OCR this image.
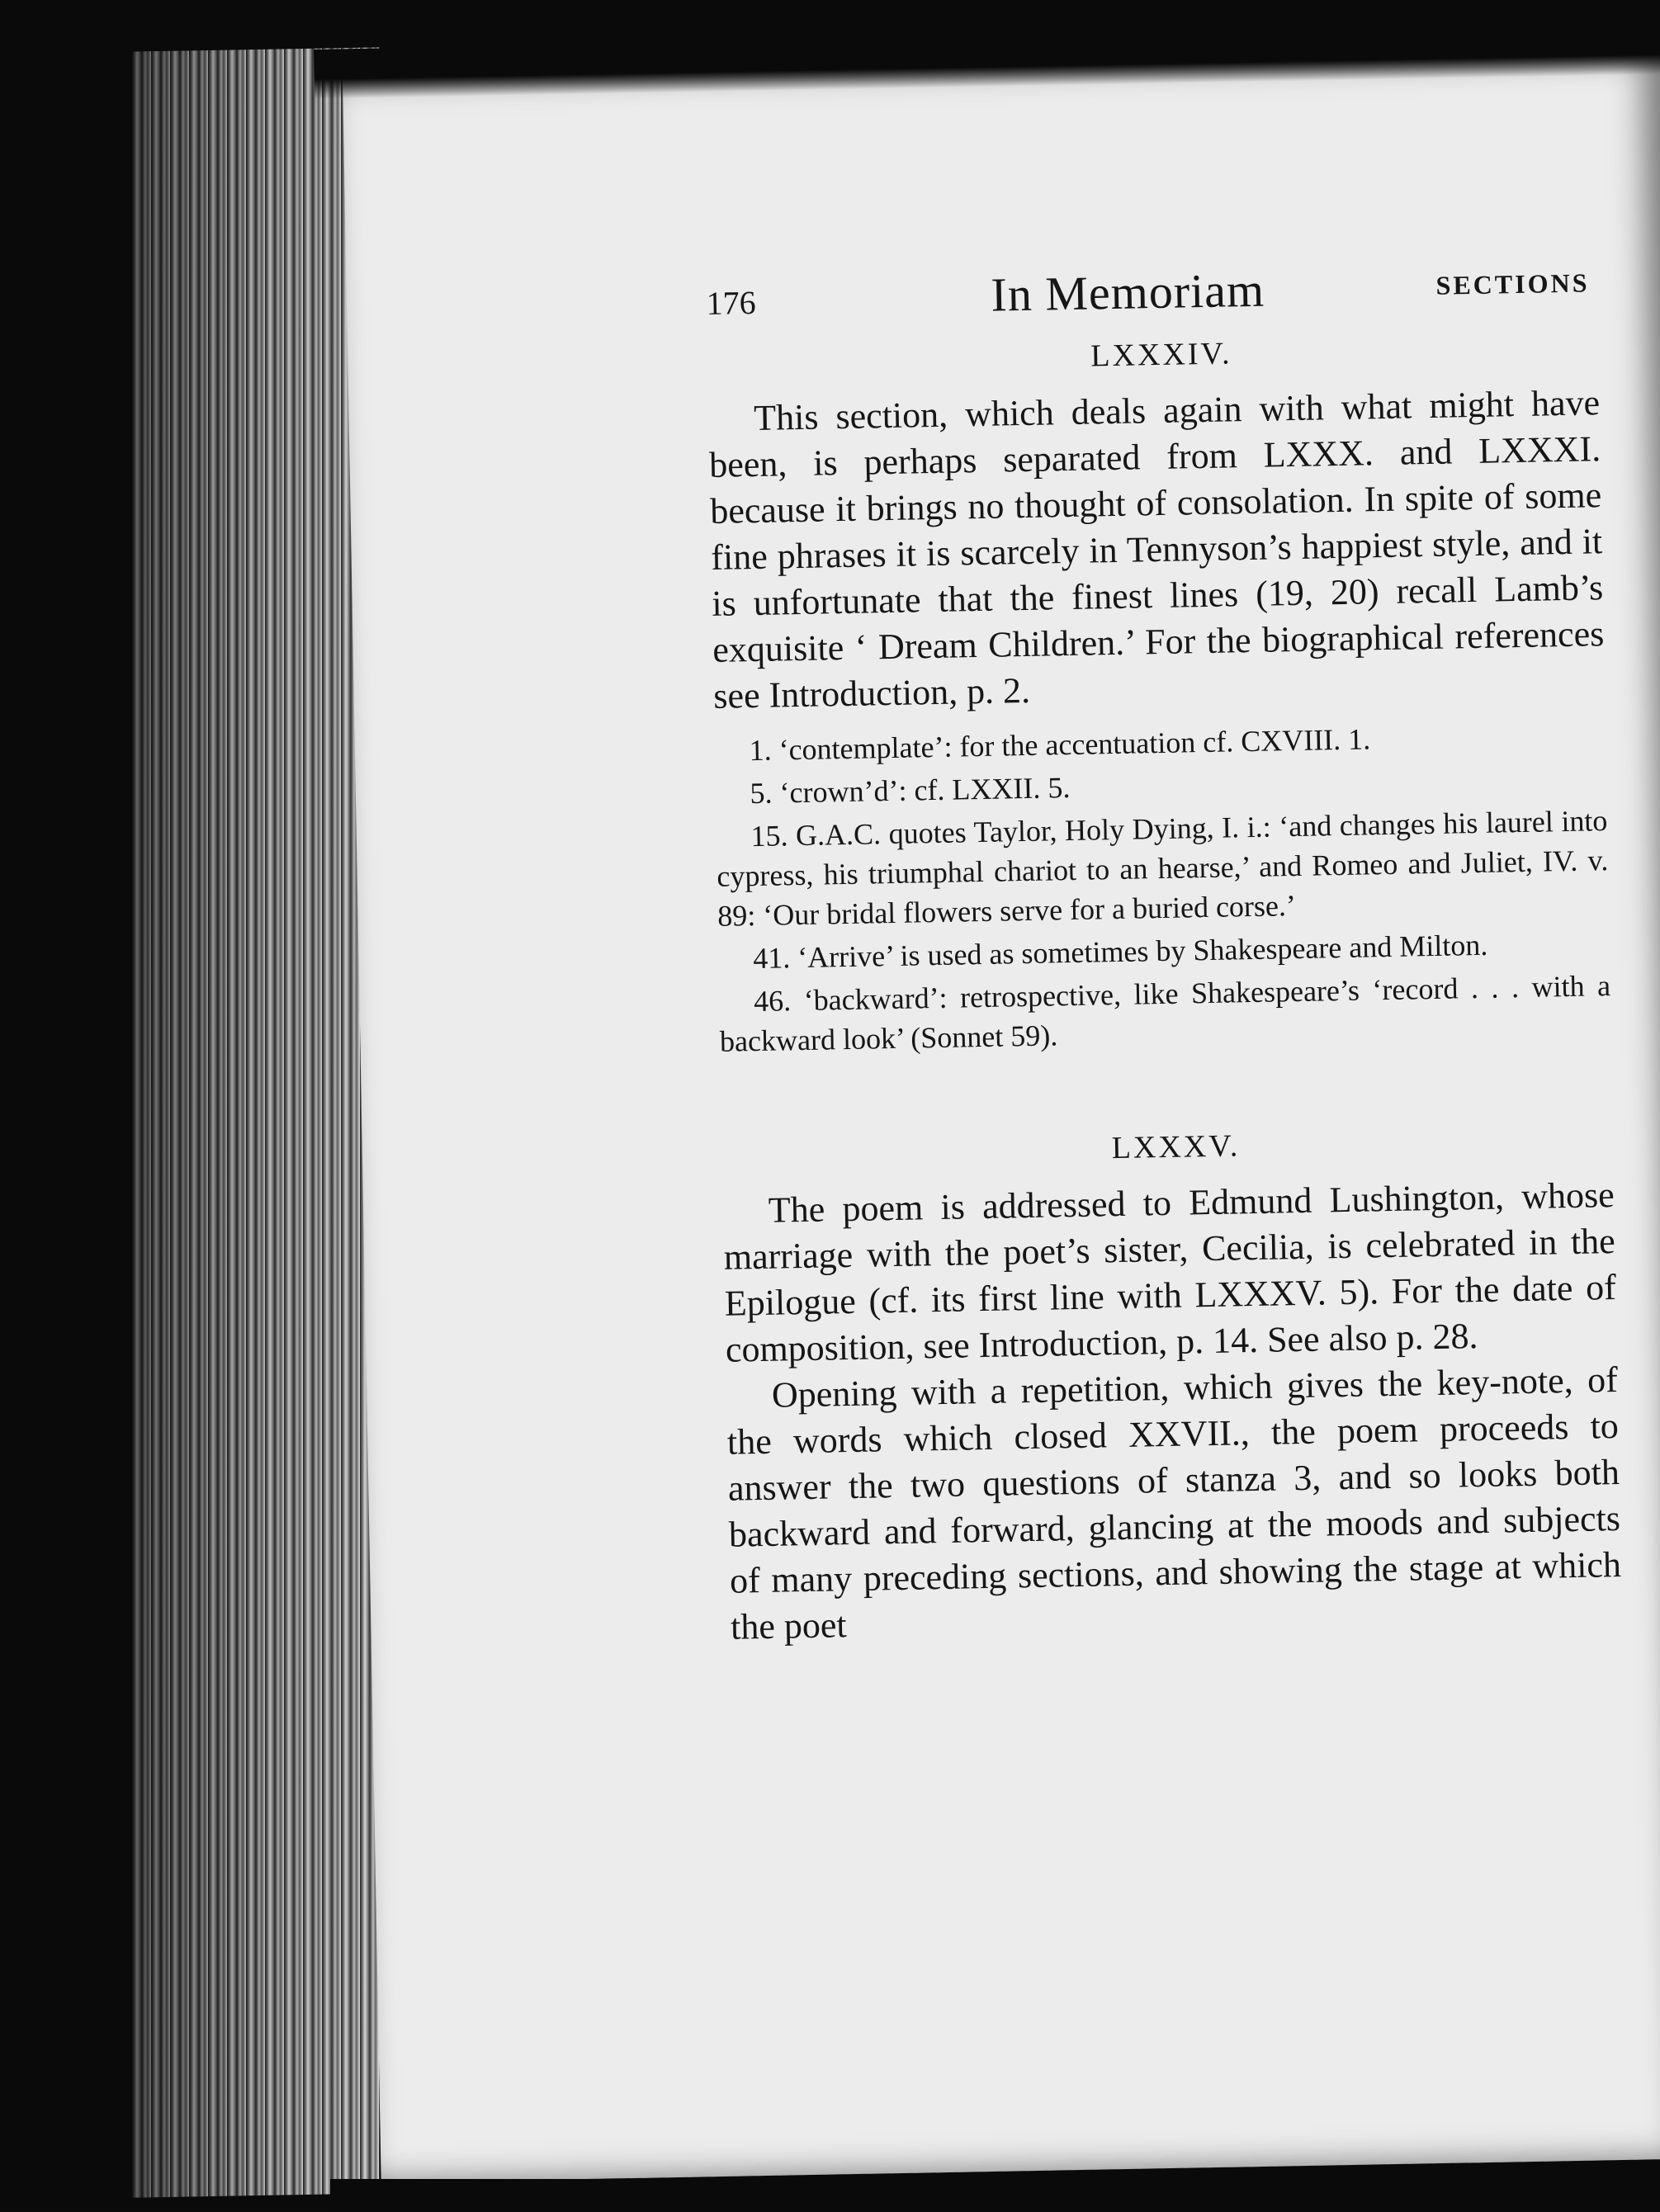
176	In Memoriam	SECTIONS
LXXXIV.

This section, which deals again with what might have been, is perhaps separated from LXXX. and LXXXI. because it brings no thought of consolation. In spite of some fine phrases it is scarcely in Tennyson’s happiest style, and it is unfortunate that the finest lines (19, 20) recall Lamb’s exquisite ‘ Dream Children.’ For the biographical references see Introduction, p. 2.

1. ‘contemplate’: for the accentuation cf. CXVIII. 1.

5. ‘crown’d’: cf. LXXII. 5.

15. G.A.C. quotes Taylor, Holy Dying, I. i.: ‘and changes his laurel into cypress, his triumphal chariot to an hearse,’ and Romeo and Juliet, IV. v. 89: ‘Our bridal flowers serve for a buried corse.’

41. ‘Arrive’ is used as sometimes by Shakespeare and Milton.

46. ‘backward’: retrospective, like Shakespeare’s ‘record . . . with a backward look’ (Sonnet 59).

LXXXV.

The poem is addressed to Edmund Lushington, whose marriage with the poet’s sister, Cecilia, is celebrated in the Epilogue (cf. its first line with LXXXV. 5). For the date of composition, see Introduction, p. 14. See also p. 28.

Opening with a repetition, which gives the key-note, of the words which closed XXVII., the poem proceeds to answer the two questions of stanza 3, and so looks both backward and forward, glancing at the moods and subjects of many preceding sections, and showing the stage at which the poet
